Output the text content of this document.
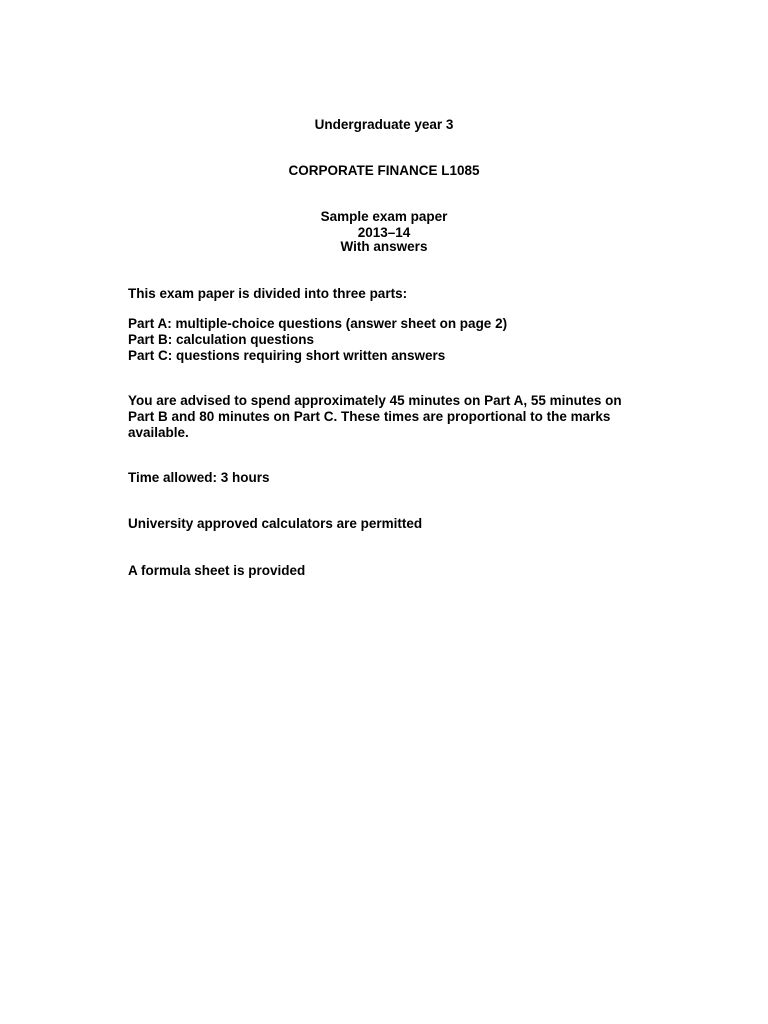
Undergraduate year 3

CORPORATE FINANCE L1085

Sample exam paper

2013–14

With answers

This exam paper is divided into three parts:

Part A: multiple-choice questions (answer sheet on page 2)
Part B: calculation questions
Part C: questions requiring short written answers
You are advised to spend approximately 45 minutes on Part A, 55 minutes on
Part B and 80 minutes on Part C. These times are proportional to the marks
available.

Time allowed: 3 hours

University approved calculators are permitted

A formula sheet is provided
